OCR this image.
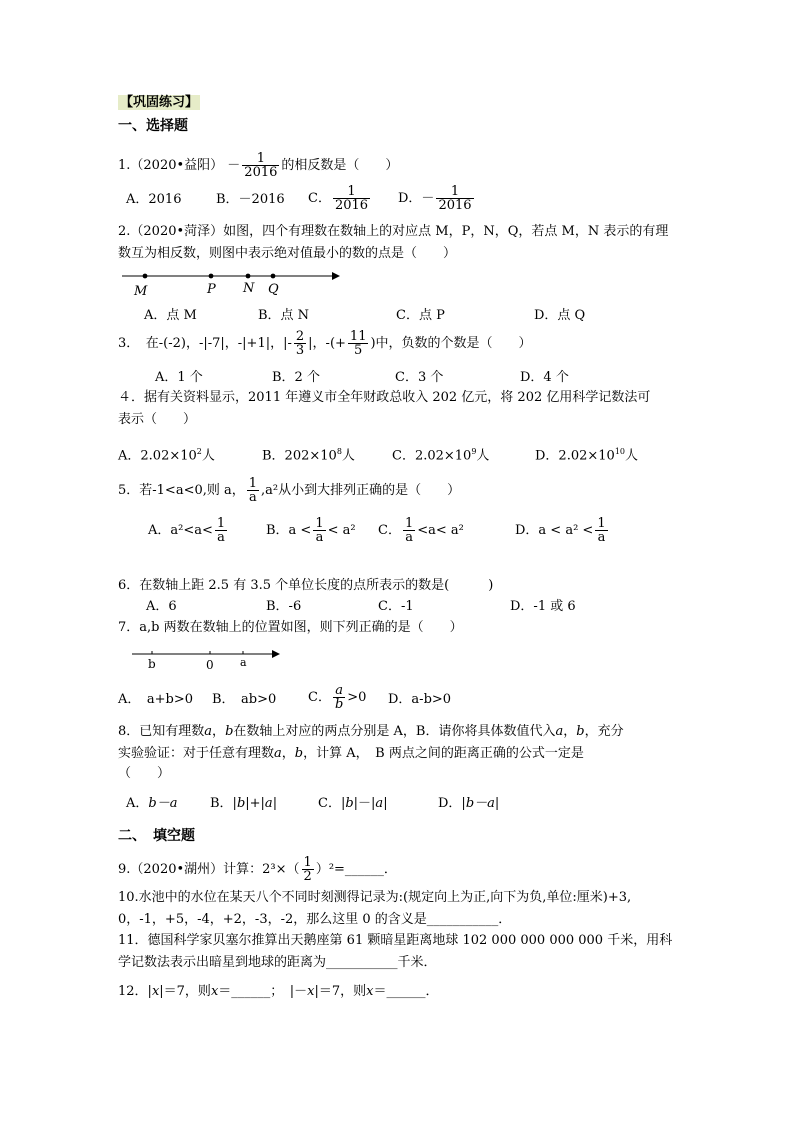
【巩固练习】
一、选择题
1.（2020•益阳） － $\frac{1}{2016}$ 的相反数是（　　）
A．2016	B．－2016 C． $\frac{1}{2016}$ D．－ $\frac{1}{2016}$
2.（2020•菏泽）如图，四个有理数在数轴上的对应点 M，P，N，Q，若点 M，N 表示的有理
数互为相反数，则图中表示绝对值最小的数的点是（　　）
M	P N Q
A．点 M	B．点 N	C．点 P	D．点 Q
3．　在-(-2)，-|-7|，-|+1|，|- $\frac{2}{3}$ |，-(+ $\frac{11}{5}$ )中，负数的个数是（　　）
A．1 个	B．2 个	C．3 个	D．4 个
４．据有关资料显示，2011 年遵义市全年财政总收入 202 亿元，将 202 亿用科学记数法可
表示（　　）
A．$2.02\times 10^2$人	B．$202\times 10^8$人	C．$2.02\times 10^9$人	D．$2.02\times 10^{10}$人
5．若-1<a<0,则 a， $\frac{1}{a} ,a^2$从小到大排列正确的是（　　）
A．$a^2<a< \frac{1}{a}$	B．$a < \frac{1}{a} < a^2$ C． $\frac{1}{a} <a< a^2$	D．$a < a^2 < \frac{1}{a}$
6．在数轴上距 2.5 有 3.5 个单位长度的点所表示的数是(　　　)
A．6	B．-6	C．-1	D．-1 或 6
7．a,b 两数在数轴上的位置如图，则下列正确的是（　　）
b	0 a
A．　a+b>0 B．　ab>0 C． $\frac{a}{b} >0$ D．a-b>0
8．已知有理数a，b在数轴上对应的两点分别是 A，B．请你将具体数值代入a，b，充分
实验验证：对于任意有理数a，b，计算 A，　B 两点之间的距离正确的公式一定是
（　　）
A．b－a	B．|b|+|a|	C．|b|－|a|	D．|b－a|
二、　填空题
9.（2020•湖州）计算：$2^3\times( \frac{1}{2}$ ）²=______．
10.水池中的水位在某天八个不同时刻测得记录为:(规定向上为正,向下为负,单位:厘米)+3,
0，-1，+5，-4，+2，-3，-2，那么这里 0 的含义是___________．
11．德国科学家贝塞尔推算出天鹅座第 61 颗暗星距离地球 102 000 000 000 000 千米，用科
学记数法表示出暗星到地球的距离为___________千米．
12．|x|＝7，则x＝______；　|－x|＝7，则x＝______．
